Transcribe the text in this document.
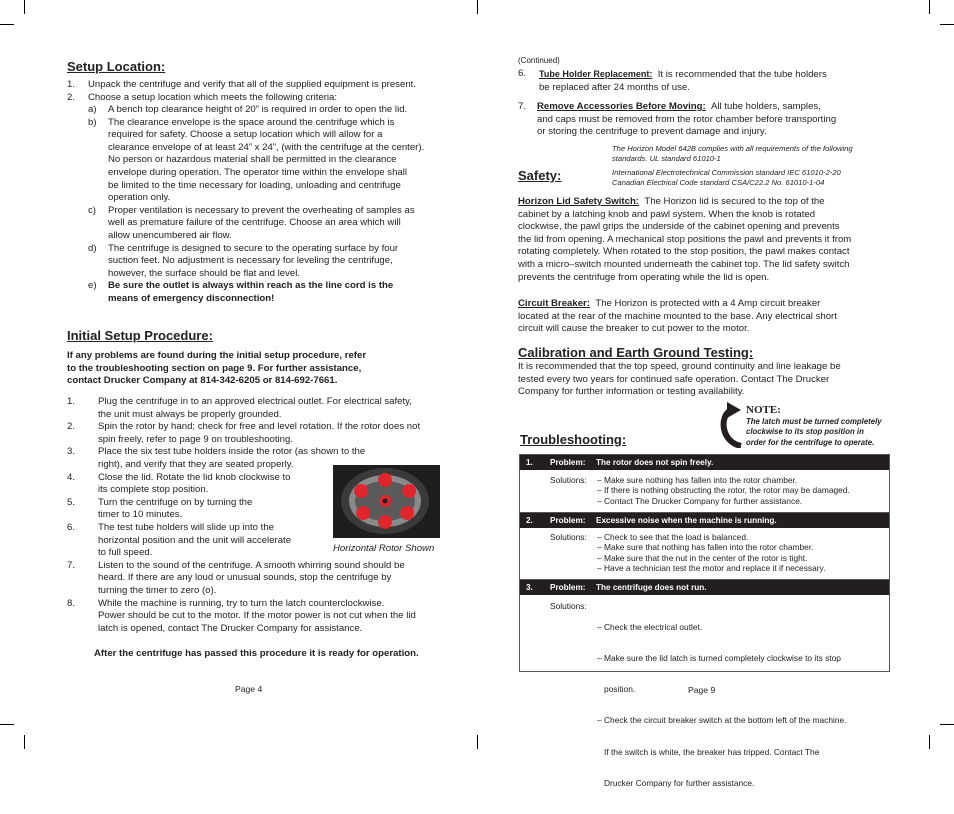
Setup Location:
1.	Unpack the centrifuge and verify that all of the supplied equipment is present.
2.	Choose a setup location which meets the following criteria:
a)	A bench top clearance height of 20” is required in order to open the lid.
b)	The clearance envelope is the space around the centrifuge which is
required for safety. Choose a setup location which will allow for a
clearance envelope of at least 24” x 24”, (with the centrifuge at the center).
No person or hazardous material shall be permitted in the clearance
envelope during operation. The operator time within the envelope shall
be limited to the time necessary for loading, unloading and centrifuge
operation only.
c)	Proper ventilation is necessary to prevent the overheating of samples as
well as premature failure of the centrifuge. Choose an area which will
allow unencumbered air flow.
d)	The centrifuge is designed to secure to the operating surface by four
suction feet. No adjustment is necessary for leveling the centrifuge,
however, the surface should be flat and level.
e)	Be sure the outlet is always within reach as the line cord is the
means of emergency disconnection!
Initial Setup Procedure:
If any problems are found during the initial setup procedure, refer
to the troubleshooting section on page 9. For further assistance,
contact Drucker Company at 814-342-6205 or 814-692-7661.
1.	Plug the centrifuge in to an approved electrical outlet. For electrical safety,
the unit must always be properly grounded.
2.	Spin the rotor by hand; check for free and level rotation. If the rotor does not
spin freely, refer to page 9 on troubleshooting.
3.	Place the six test tube holders inside the rotor (as shown to the
right), and verify that they are seated properly.
4.	Close the lid. Rotate the lid knob clockwise to
its complete stop position.
5.	Turn the centrifuge on by turning the
timer to 10 minutes.
6.	The test tube holders will slide up into the
horizontal position and the unit will accelerate
to full speed.
7.	Listen to the sound of the centrifuge. A smooth whirring sound should be
heard. If there are any loud or unusual sounds, stop the centrifuge by
turning the timer to zero (o).
8.	While the machine is running, try to turn the latch counterclockwise.
Power should be cut to the motor. If the motor power is not cut when the lid
latch is opened, contact The Drucker Company for assistance.
Horizontal Rotor Shown
After the centrifuge has passed this procedure it is ready for operation.
Page 4
(Continued)
6.	Tube Holder Replacement: It is recommended that the tube holders
be replaced after 24 months of use.
7.	Remove Accessories Before Moving: All tube holders, samples,
and caps must be removed from the rotor chamber before transporting
or storing the centrifuge to prevent damage and injury.
Safety:
The Horizon Model 642B complies with all requirements of the following
standards. UL standard 61010-1
International Electrotechnical Commission standard IEC 61010-2-20
Canadian Electrical Code standard CSA/C22.2 No. 61010-1-04
Horizon Lid Safety Switch: The Horizon lid is secured to the top of the
cabinet by a latching knob and pawl system. When the knob is rotated
clockwise, the pawl grips the underside of the cabinet opening and prevents
the lid from opening. A mechanical stop positions the pawl and prevents it from
rotating completely. When rotated to the stop position, the pawl makes contact
with a micro–switch mounted underneath the cabinet top. The lid safety switch
prevents the centrifuge from operating while the lid is open.
Circuit Breaker: The Horizon is protected with a 4 Amp circuit breaker
located at the rear of the machine mounted to the base. Any electrical short
circuit will cause the breaker to cut power to the motor.
Calibration and Earth Ground Testing:
It is recommended that the top speed, ground continuity and line leakage be
tested every two years for continued safe operation. Contact The Drucker
Company for further information or testing availability.
NOTE:
The latch must be turned completely
clockwise to its stop position in
order for the centrifuge to operate.
Troubleshooting:
1.	Problem:	The rotor does not spin freely.
Solutions:	– Make sure nothing has fallen into the rotor chamber.
– If there is nothing obstructing the rotor, the rotor may be damaged.
– Contact The Drucker Company for further assistance.
2.	Problem:	Excessive noise when the machine is running.
Solutions:	– Check to see that the load is balanced.
– Make sure that nothing has fallen into the rotor chamber.
– Make sure that the nut in the center of the rotor is tight.
– Have a technician test the motor and replace it if necessary.
3.	Problem:	The centrifuge does not run.
Solutions:

– Check the electrical outlet.

– Make sure the lid latch is turned completely clockwise to its stop

position.

– Check the circuit breaker switch at the bottom left of the machine.

If the switch is white, the breaker has tripped. Contact The

Drucker Company for further assistance.

Page 9
